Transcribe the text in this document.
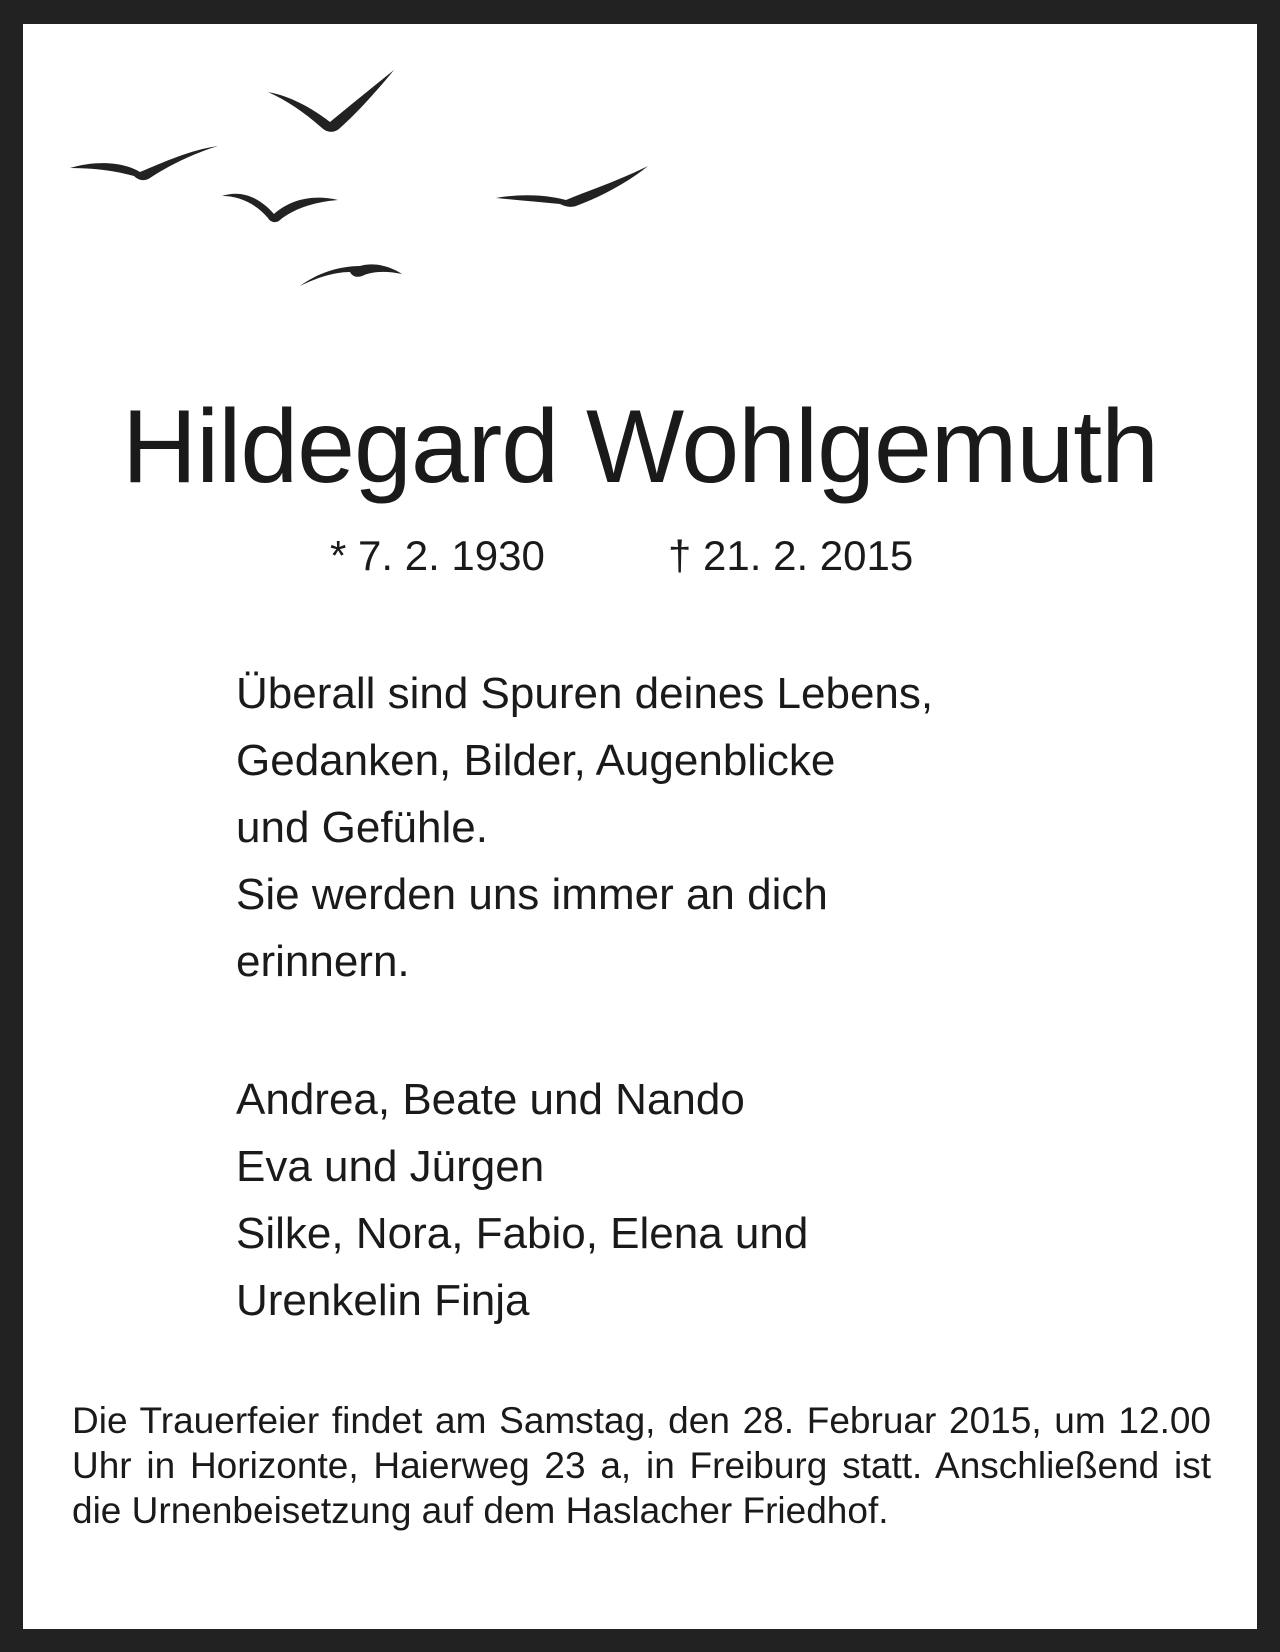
Hildegard Wohlgemuth
* 7. 2. 1930	† 21. 2. 2015
Überall sind Spuren deines Lebens,
Gedanken, Bilder, Augenblicke
und Gefühle.
Sie werden uns immer an dich
erinnern.
Andrea, Beate und Nando
Eva und Jürgen
Silke, Nora, Fabio, Elena und
Urenkelin Finja

Die Trauerfeier findet am Samstag, den 28. Februar 2015, um 12.00 Uhr in Horizonte, Haierweg 23 a, in Freiburg statt. Anschließend ist die Urnenbeisetzung auf dem Haslacher Friedhof.
